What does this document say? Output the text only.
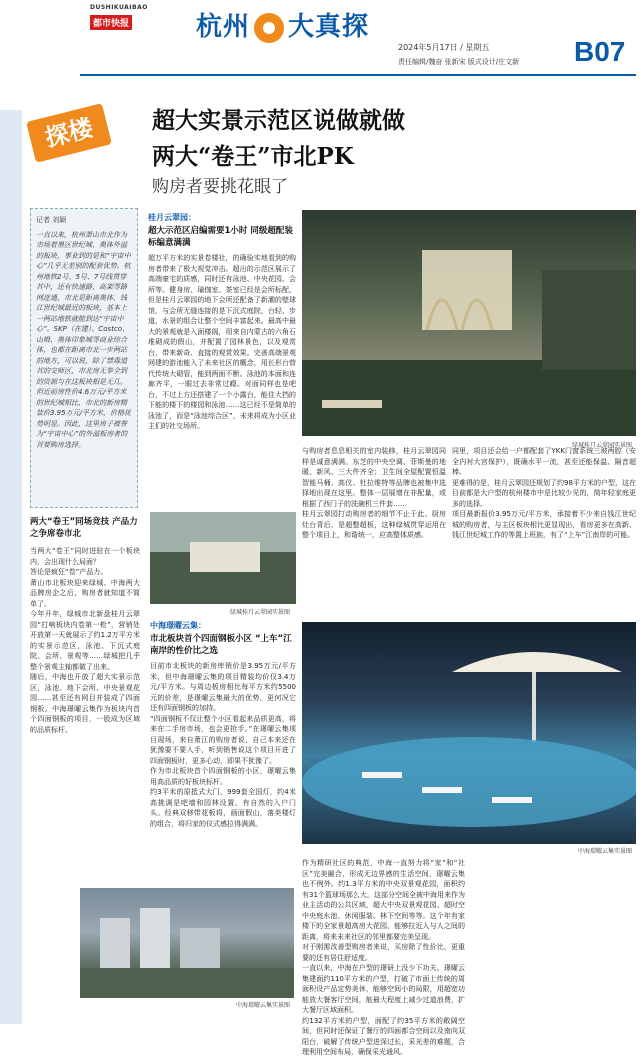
DUSHIKUAIBAO
都市快报	杭州 大真探
2024年5月17日 / 星期五
责任编辑/魏奋 张新宋 版式设计/庄文新 B07
探楼	超大实景示范区说做就做
两大“卷王”市北PK
购房者要挑花眼了
记者 刘颖
一直以来，杭州萧山市北作为市场着墨区世纪城、奥体外溢的板块，事业到的是和“宇宙中心”几乎无差别的配套优势。杭州地铁2号、5号、7号线贯穿其中，还有快速路、高架等路网连通，市北是距离奥体、钱江世纪城最近的板块，基本上一两站地铁就能到达“宇宙中心”。SKP（在建）、Costco、山姆、奥体印象城等商业综合体，也都在距离市北一步两站的地方，可以说，除了禁毒道其的交师区，市北房无拳全到的资源与在这板块相是无几。但近前房性价4.6万元/平方米的世纪城相比，市北的新房精装价3.95万元/平方米，价格优势明显。因此，这里房子被誉为“宇宙中心”的外溢板房者的首要购房选择。
两大“卷王”同场竞技 产品力之争席卷市北
当两大“卷王”同时进驻在一个板块内，会出现什么局面？
答论是疯狂“卷”产品力。
萧山市北板块迎来绿城、中海两大品牌房企之后，购房者就知道不简单了。
今年开年，绿城市北新盘桂月云翠园“打响板块内卷第一枪”，营销处开放第一天就展示了约1.2万平方米的实景示范区，泳池、下沉式庭院、会所、景观等……绿城把几乎整个景观主轴都做了出来。
随后，中海也开放了超大实景示范区，泳池、地下会所、中央景观花园……甚至还有网目并装成了四面钢板。中海璟曜云集作为板块内首个四面钢板的项目，一股成为区域的品质标杆。
桂月云翠园：
超大示范区启编需要1小时 同级超配装标编意满满
超万平方米的实景卷楼社，的确验实地看到的购房者带来了极大视觉冲击。超出的示范区展示了高端豪宅的质感，同时还有泳池、中央花园、会所等。健身房、瑜伽室、茶室已经是会所标配，但是桂月云翠园的地下会所还配备了新潮的壁球馆，与会所无缝连接的是下沉式庭院，台轻、步道、水景的组合让整个空间丰富起来。最高中最大的景观就是入面楼阁，用来自内蒙古的六角石堆砌成的假山，并配置了园林景色，以及观赏台，带来新奇、直接的观赏效果。完善高端景观网建的游池能入了未来社区的概念，用长形台替代传统大砌管，能到两面不断。泳池的本面和连廊齐平，一眼过去非常过瘾。对面同样也是吧台，不过上方还搭建了一个小露台，能住大挡的下能的楼下的楼园和泳池……这已经不是简单的泳池了，而是“泳池综合区”，未来将成为小区业主们的社交场所。
绿城桂月云翠园实景图
绿城桂月云翠园实景图
与购房者息息相关的室内装修，桂月云翠园同样是诚意满满。东芝的中央空调、菲斯曼的地暖、新风、三大件齐全；卫生间全屋配置恒温智能马桶、高仪、杜拉维特等品牌也被集中选择地出现在这里。整体一层展增在非配量，或根据了西门子的洗碗机三件套……
桂月云翠园打动购房者的细节不止于此。厨房灶台背后，是超整超板，这种绿城贯穿运用在整个项目上，和谐统一，应高整体质感。
同里，项目还会给一户都配套了YKK门窗系统三玻两腔（安全内衬大宫保护），既确水平一流，甚至还能保温、隔音超棒。
更难得的是，桂月云翠园还规划了约98平方米的户型，这在目前都是大户型的杭州楼市中是比较少见的，简年轻家庭更多的选择。
项目最新报价3.95万元/平方米，承接着不少来自钱江世纪城的购房者，与主区板块相比更显现出，看房更多在高新、钱江世纪城工作的等置上班族，有了“上车”江南岸的可能。
中海璟曜云集：
市北板块首个四面钢板小区 “上车”江南岸的性价比之选
目前市北板块的新房库销价是3.95万元/平方米，但中海璟曜云集的项目精装均价仅3.4万元/平方米。与周边板房相比每平方米约5500元的价差，是璟曜云集最大的优势，更何况它还有四面钢板的加持。
“四面钢板不仅让整个小区看起来品质更高，将来在二手房市场，也会更抢手。”在璟曜云集项目现场，来自萧江的购房者说，自己本来还在犹豫要不要入手，听到销售说这个项目开进了四面钢板时，更多心动，即果不犹豫了。
作为市北板块首个四面钢板的小区，璟曜云集用高品质的好板块标杆。
约3平米的原抵式大门，999套全国灯，约4米高挑调是吧墙和园林设置，有自然的入户门头。经典双移带花板将，画面假山，落美楼灯的组合，将归家的仪式感拉得满满。
中海璟曜云集实景图
中海璟曜云集实景图
作为精研社区的典范，中海一直努力将“家”和“社区”完美融合，形成无边界感的生活空间，璟曜云集也不例外。约1.3平方米的中央双景观花园，面积约有31个篮球场那么大。这部分空间全被中海用来作为业主活动的公共区域，超大中央双景观花园、超时空中央庭水池、休闲服装、林下空间等等。这个年有家楼下的全家景超高房大花园，能够拉近人与人之间的距离，将来未来社区的邻里都要完美呈现。
对于刚需改善型购房者来说，买房除了性价比，更重要的还有居住舒适度。
一直以来，中海在户型的璟研上没少下功夫。璟曜云集建面约110平方米的户型，打破了市面上传统的周面积设产品定势美休，能够空间小的局限，用超宽功能放大餐客厅空间，能最大程度上减少过道浪费，扩大餐厅区域面积。
约132平方米的户型，面配了约35平方米的敞阔空间，但同时还保证了餐厅的四面都合空间以及南向双阳台，破解了传统户型进深过长，采光差的难题，合理利用空间布局，确保采光通风。
